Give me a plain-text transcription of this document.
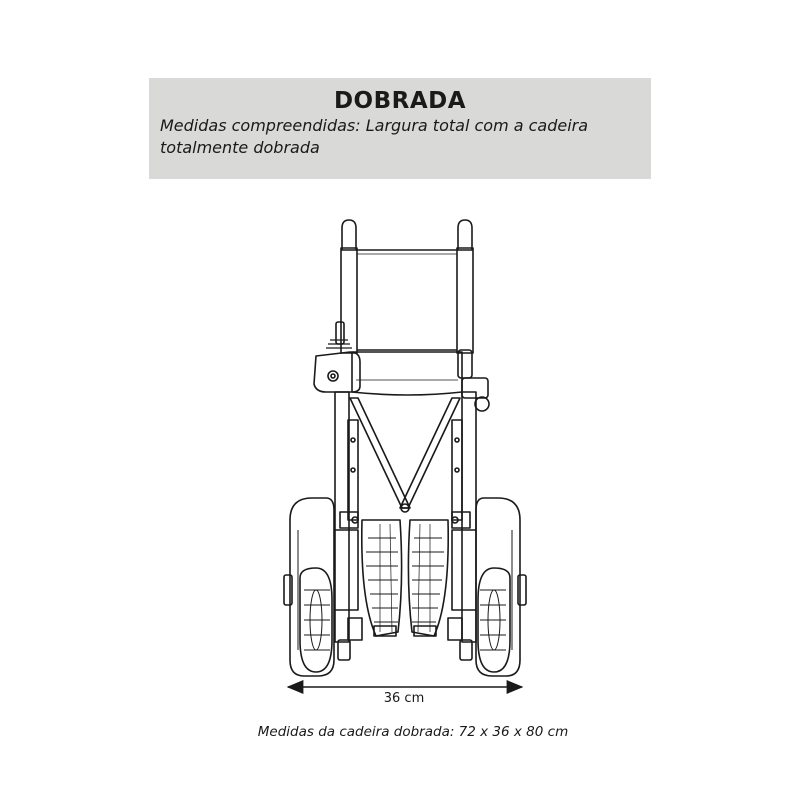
DOBRADA
Medidas compreendidas: Largura total com a cadeira totalmente dobrada
36 cm
Medidas da cadeira dobrada: 72 x 36 x 80 cm
